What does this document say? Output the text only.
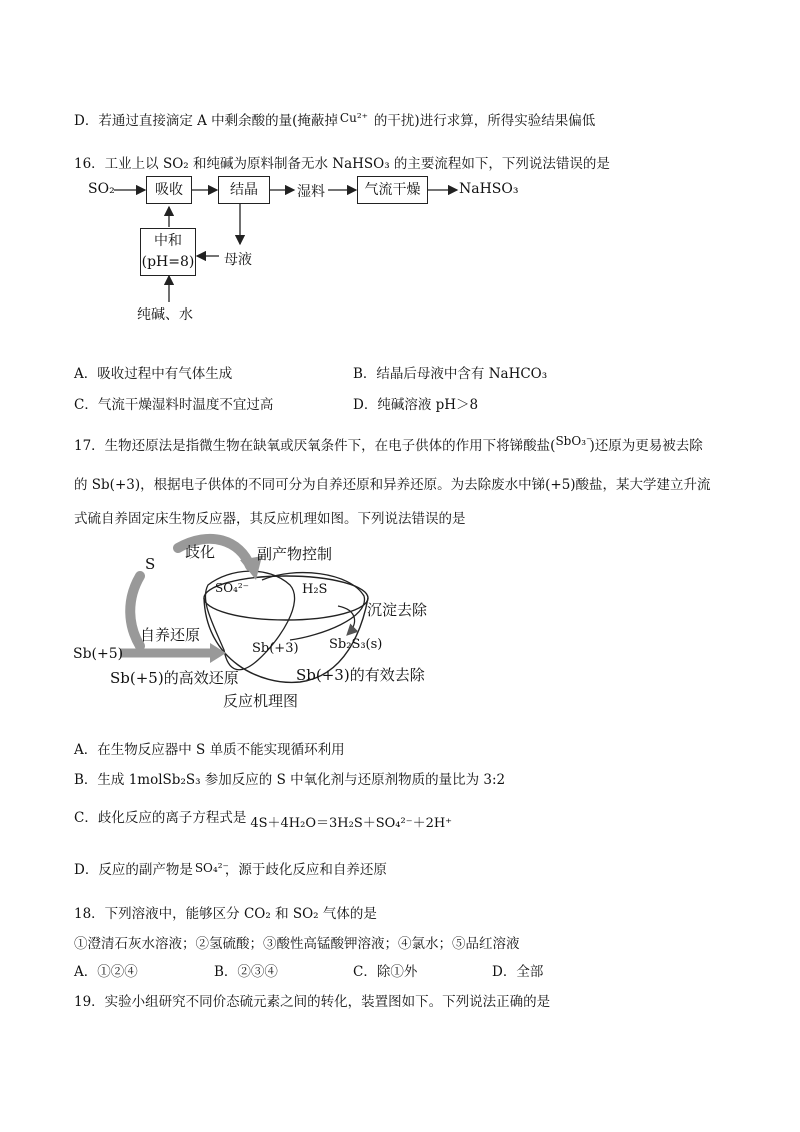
D．若通过直接滴定 A 中剩余酸的量(掩蔽掉 Cu²⁺ 的干扰)进行求算，所得实验结果偏低
16．工业上以 SO₂ 和纯碱为原料制备无水 NaHSO₃ 的主要流程如下，下列说法错误的是
SO₂	吸收	结晶	湿料	气流干燥	NaHSO₃
中和
(pH=8) 母液
纯碱、水
A．吸收过程中有气体生成	B．结晶后母液中含有 NaHCO₃
C．气流干燥湿料时温度不宜过高	D．纯碱溶液 pH＞8
17．生物还原法是指微生物在缺氧或厌氧条件下，在电子供体的作用下将锑酸盐( SbO₃⁻
)还原为更易被去除
的 Sb(+3)，根据电子供体的不同可分为自养还原和异养还原。为去除废水中锑(+5)酸盐，某大学建立升流
式硫自养固定床生物反应器，其反应机理如图。下列说法错误的是
S
歧化	副产物控制
SO₄²⁻	H₂S
沉淀去除
Sb₂S₃(s)
自养还原
Sb(+5)	Sb(+3)
Sb(+5)的高效还原	Sb(+3)的有效去除
反应机理图
A．在生物反应器中 S 单质不能实现循环利用
B．生成 1molSb₂S₃ 参加反应的 S 中氧化剂与还原剂物质的量比为 3:2
C．歧化反应的离子方程式是 4S＋4H₂O＝3H₂S＋SO₄²⁻＋2H⁺
D．反应的副产物是 SO₄²⁻
，源于歧化反应和自养还原
18．下列溶液中，能够区分 CO₂ 和 SO₂ 气体的是
①澄清石灰水溶液；②氢硫酸；③酸性高锰酸钾溶液；④氯水；⑤品红溶液
A．①②④	B．②③④	C．除①外	D．全部
19．实验小组研究不同价态硫元素之间的转化，装置图如下。下列说法正确的是
